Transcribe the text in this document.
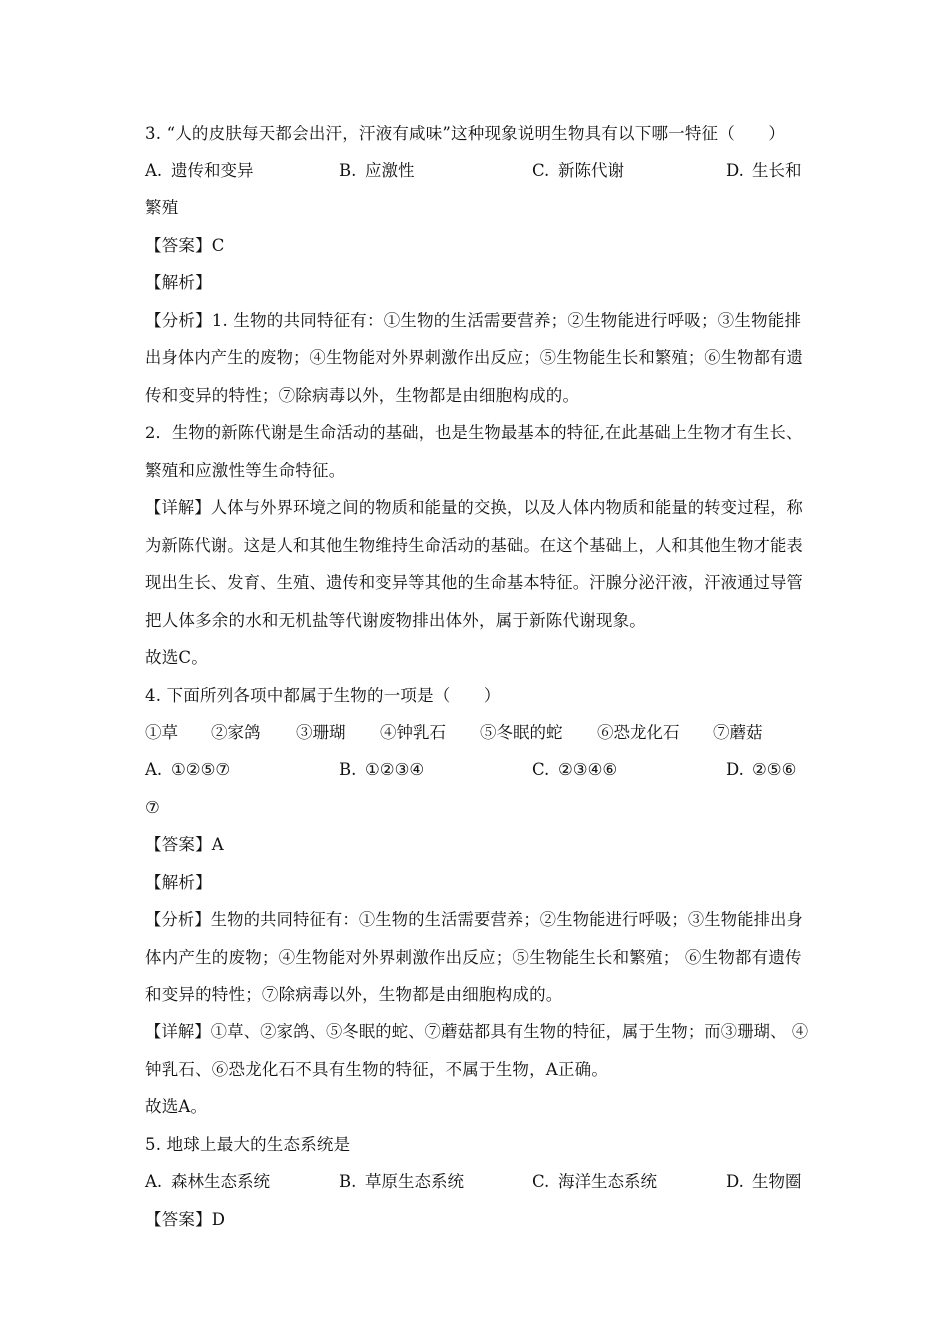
3. “人的皮肤每天都会出汗，汗液有咸味”这种现象说明生物具有以下哪一特征（　　）
A. 遗传和变异	B. 应激性	C. 新陈代谢	D. 生长和
繁殖
【答案】C
【解析】
【分析】1. 生物的共同特征有：①生物的生活需要营养；②生物能进行呼吸；③生物能排
出身体内产生的废物；④生物能对外界刺激作出反应；⑤生物能生长和繁殖；⑥生物都有遗
传和变异的特性；⑦除病毒以外，生物都是由细胞构成的。
2．生物的新陈代谢是生命活动的基础，也是生物最基本的特征,在此基础上生物才有生长、
繁殖和应激性等生命特征。
【详解】人体与外界环境之间的物质和能量的交换，以及人体内物质和能量的转变过程，称
为新陈代谢。这是人和其他生物维持生命活动的基础。在这个基础上，人和其他生物才能表
现出生长、发育、生殖、遗传和变异等其他的生命基本特征。汗腺分泌汗液，汗液通过导管
把人体多余的水和无机盐等代谢废物排出体外，属于新陈代谢现象。
故选C。
4. 下面所列各项中都属于生物的一项是（　　）
①草 ②家鸽 ③珊瑚 ④钟乳石 ⑤冬眠的蛇 ⑥恐龙化石 ⑦蘑菇
A. ①②⑤⑦	B. ①②③④	C. ②③④⑥	D. ②⑤⑥
⑦
【答案】A
【解析】
【分析】生物的共同特征有：①生物的生活需要营养；②生物能进行呼吸；③生物能排出身
体内产生的废物；④生物能对外界刺激作出反应；⑤生物能生长和繁殖； ⑥生物都有遗传
和变异的特性；⑦除病毒以外，生物都是由细胞构成的。
【详解】①草、②家鸽、⑤冬眠的蛇、⑦蘑菇都具有生物的特征，属于生物；而③珊瑚、 ④
钟乳石、⑥恐龙化石不具有生物的特征，不属于生物，A正确。
故选A。
5. 地球上最大的生态系统是
A. 森林生态系统	B. 草原生态系统	C. 海洋生态系统	D. 生物圈
【答案】D
